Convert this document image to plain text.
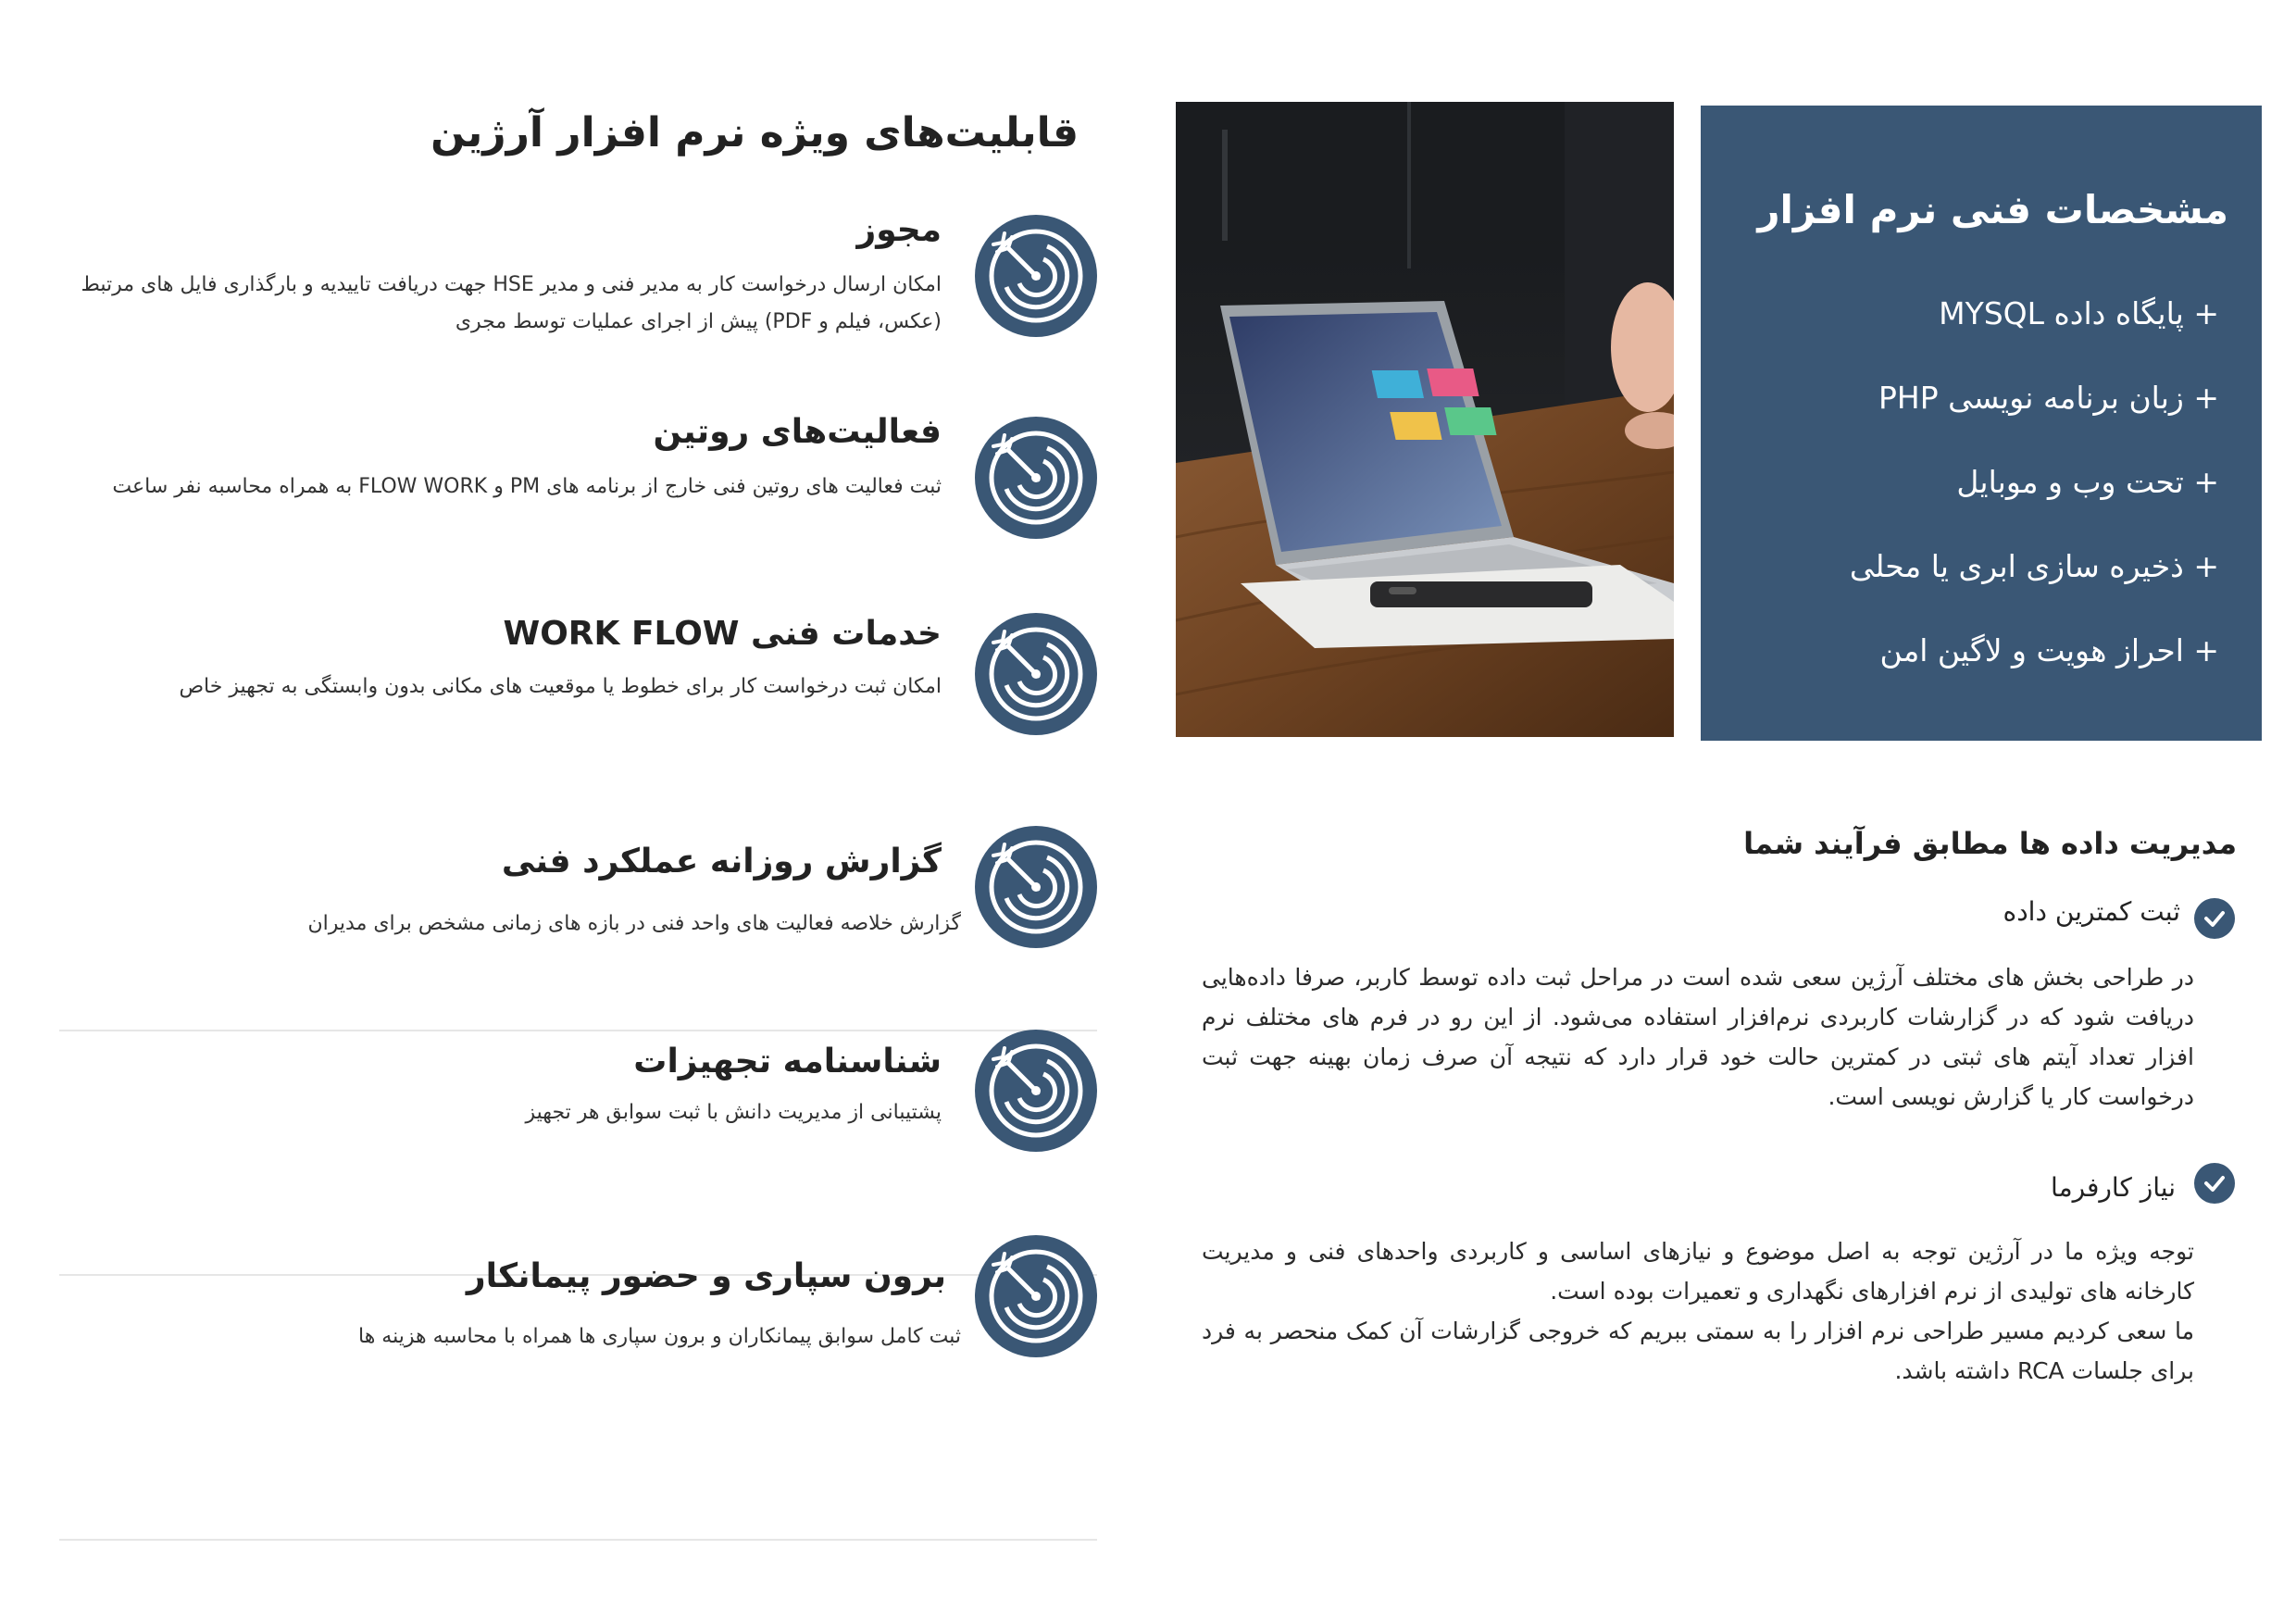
قابلیت‌های ویژه نرم افزار آرژین
مجوز
امکان ارسال درخواست کار به مدیر فنی و مدیر HSE جهت دریافت تاییدیه و بارگذاری فایل های مرتبط (عکس، فیلم و PDF) پیش از اجرای عملیات توسط مجری
فعالیت‌های روتین
ثبت فعالیت های روتین فنی خارج از برنامه های PM و FLOW WORK به همراه محاسبه نفر ساعت
خدمات فنی WORK FLOW
امکان ثبت درخواست کار برای خطوط یا موقعیت های مکانی بدون وابستگی به تجهیز خاص
گزارش روزانه عملکرد فنی
گزارش خلاصه فعالیت های واحد فنی در بازه های زمانی مشخص برای مدیران
شناسنامه تجهیزات
پشتیبانی از مدیریت دانش با ثبت سوابق هر تجهیز
برون سپاری و حضور پیمانکار
ثبت کامل سوابق پیمانکاران و برون سپاری ها همراه با محاسبه هزینه ها
مشخصات فنی نرم افزار
+ پایگاه داده MYSQL
+ زبان برنامه نویسی PHP
+ تحت وب و موبایل
+ ذخیره سازی ابری یا محلی
+ احراز هویت و لاگین امن
مدیریت داده ها مطابق فرآیند شما
ثبت کمترین داده
در طراحی بخش های مختلف آرژین سعی شده است در مراحل ثبت داده توسط کاربر، صرفا داده‌هایی دریافت شود که در گزارشات کاربردی نرم‌افزار استفاده می‌شود. از این رو در فرم های مختلف نرم افزار تعداد آیتم های ثبتی در کمترین حالت خود قرار دارد که نتیجه آن صرف زمان بهینه جهت ثبت درخواست کار یا گزارش نویسی است.
نیاز کارفرما
توجه ویژه ما در آرژین توجه به اصل موضوع و نیازهای اساسی و کاربردی واحدهای فنی و مدیریت کارخانه های تولیدی از نرم افزارهای نگهداری و تعمیرات بوده است.
ما سعی کردیم مسیر طراحی نرم افزار را به سمتی ببریم که خروجی گزارشات آن کمک منحصر به فرد برای جلسات RCA داشته باشد.
